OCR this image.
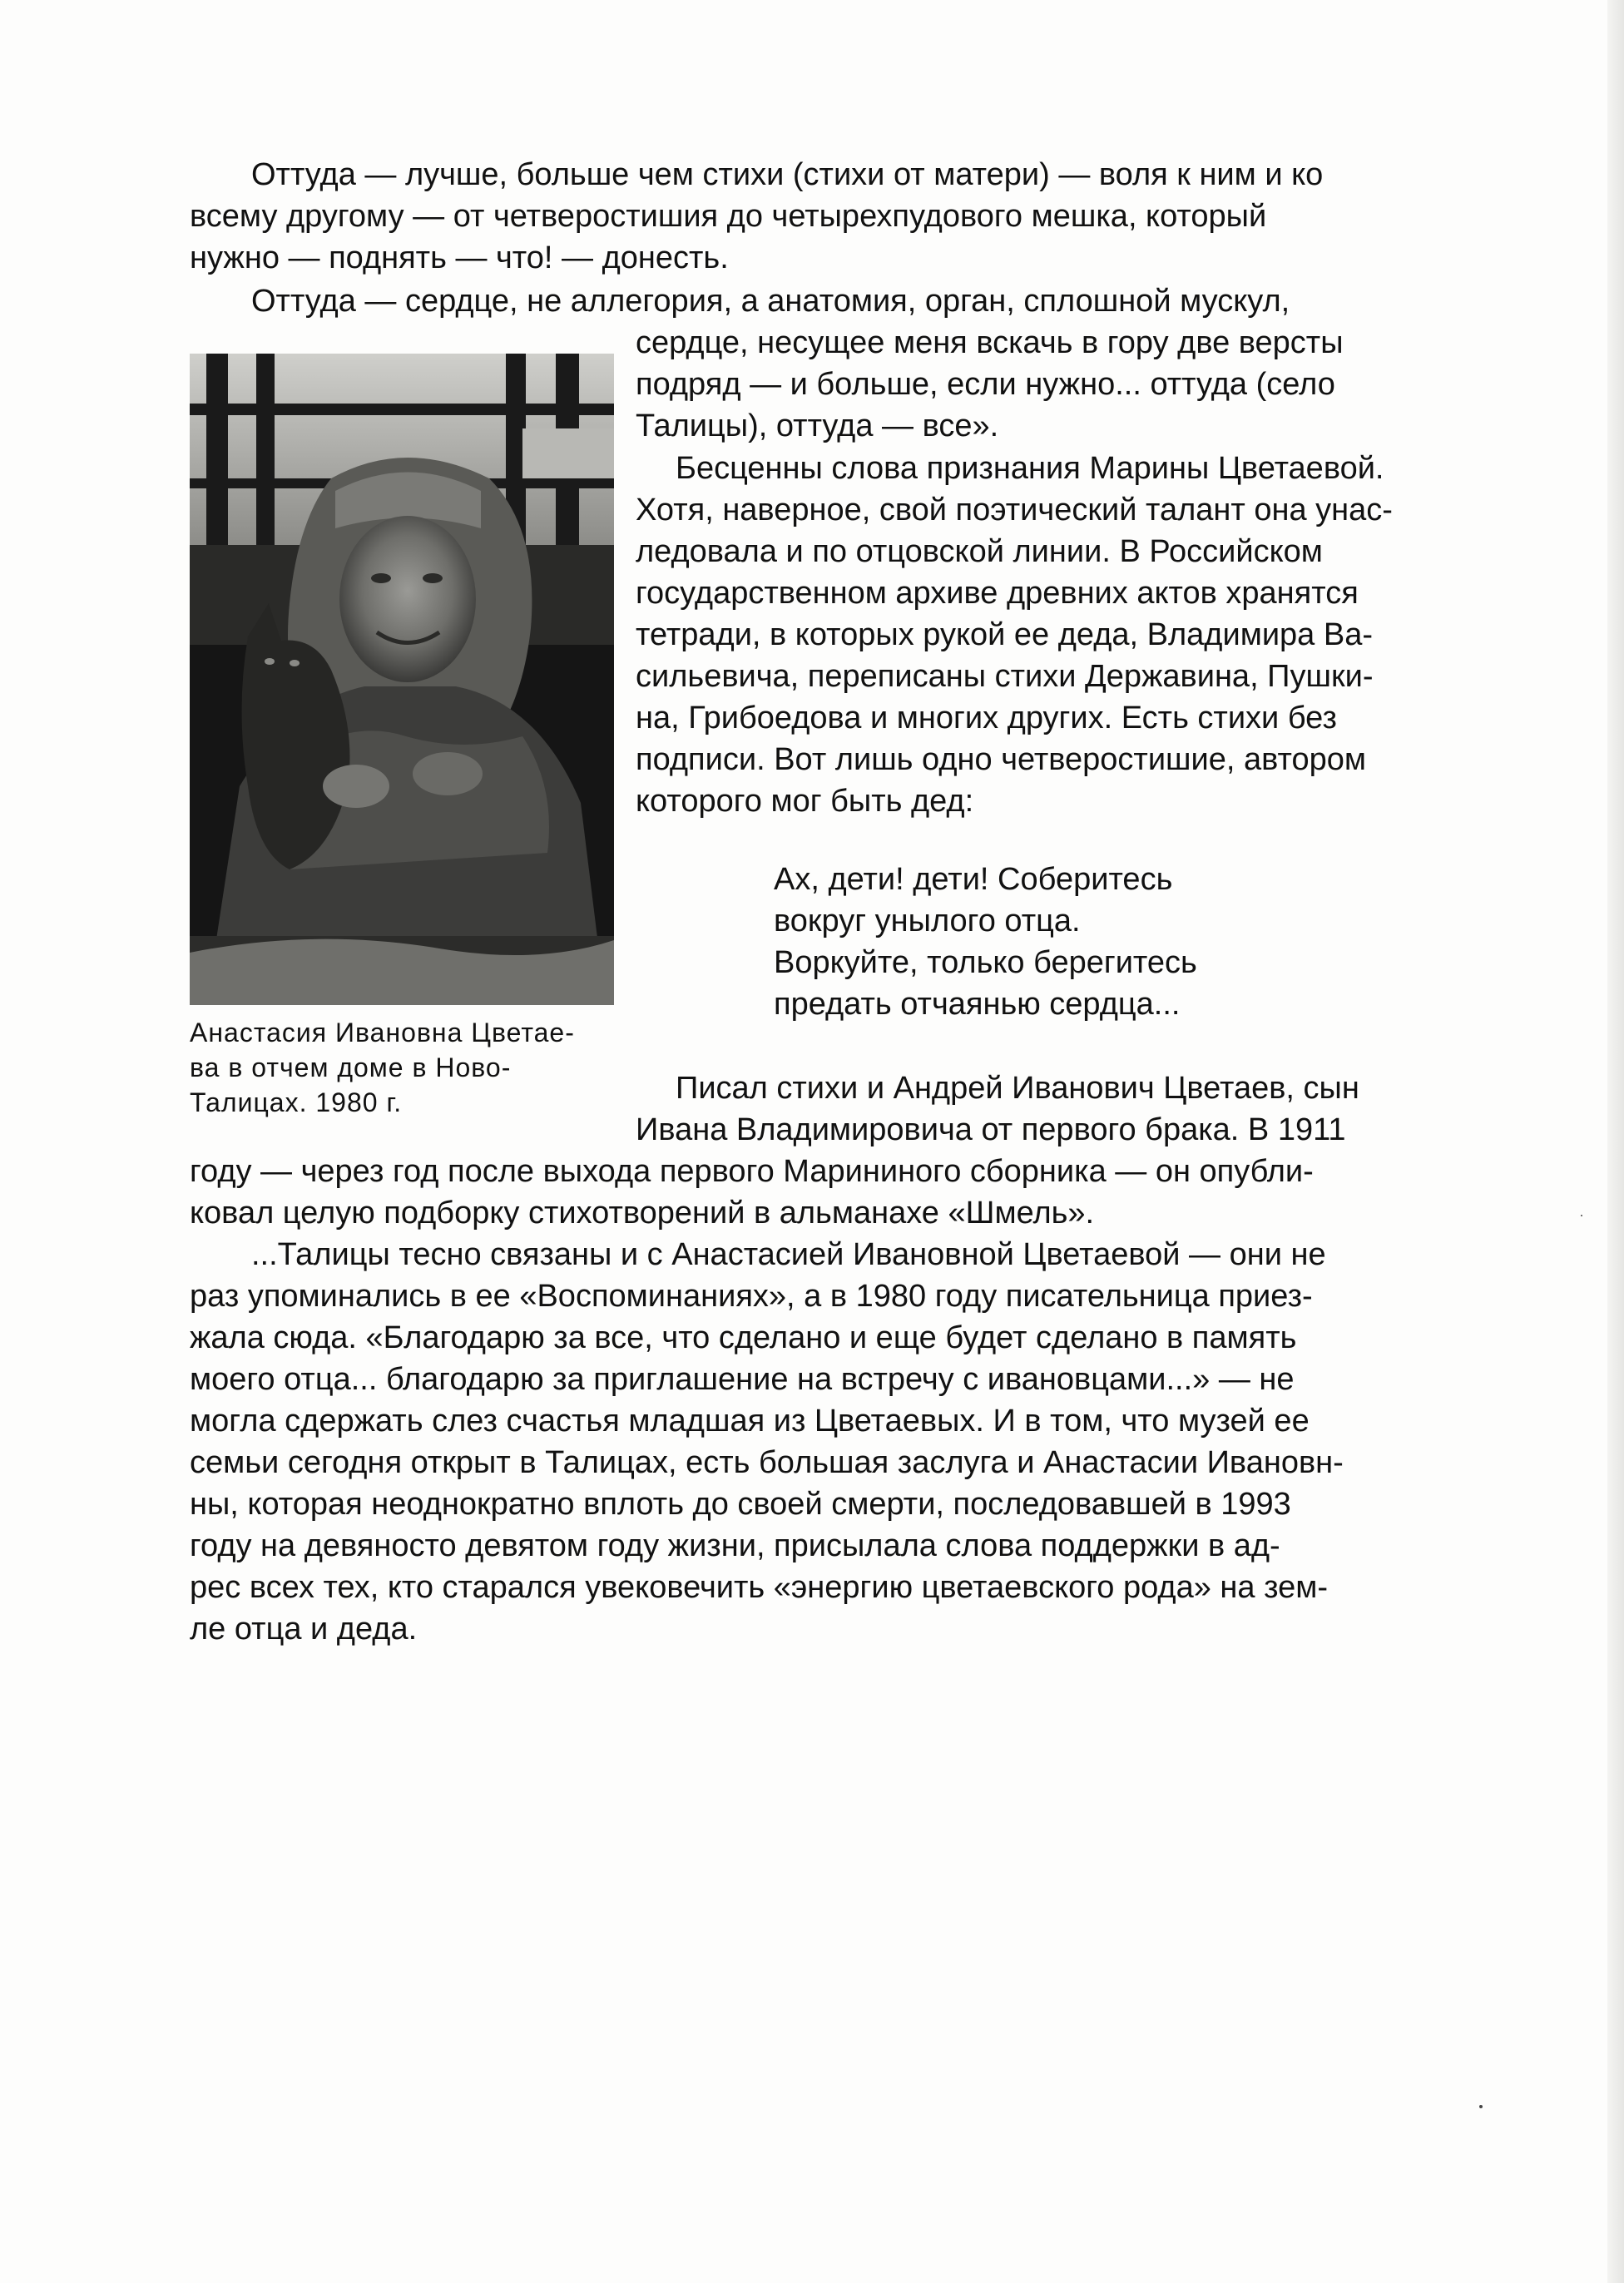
Оттуда — лучше, больше чем стихи (стихи от матери) — воля к ним и ко
всему другому — от четверостишия до четырехпудового мешка, который
нужно — поднять — что! — донесть.
Оттуда — сердце, не аллегория, а анатомия, орган, сплошной мускул,
сердце, несущее меня вскачь в гору две версты
подряд — и больше, если нужно... оттуда (село
Талицы), оттуда — все».
Анастасия Ивановна Цветае-
ва в отчем доме в Ново-
Талицах. 1980 г.
Бесценны слова признания Марины Цветаевой.
Хотя, наверное, свой поэтический талант она унас-
ледовала и по отцовской линии. В Российском
государственном архиве древних актов хранятся
тетради, в которых рукой ее деда, Владимира Ва-
сильевича, переписаны стихи Державина, Пушки-
на, Грибоедова и многих других. Есть стихи без
подписи. Вот лишь одно четверостишие, автором
которого мог быть дед:
Ах, дети! дети! Соберитесь
вокруг унылого отца.
Воркуйте, только берегитесь
предать отчаянью сердца...
Писал стихи и Андрей Иванович Цветаев, сын
Ивана Владимировича от первого брака. В 1911
году — через год после выхода первого Марининого сборника — он опубли-
ковал целую подборку стихотворений в альманахе «Шмель».
...Талицы тесно связаны и с Анастасией Ивановной Цветаевой — они не
раз упоминались в ее «Воспоминаниях», а в 1980 году писательница приез-
жала сюда. «Благодарю за все, что сделано и еще будет сделано в память
моего отца... благодарю за приглашение на встречу с ивановцами...» — не
могла сдержать слез счастья младшая из Цветаевых. И в том, что музей ее
семьи сегодня открыт в Талицах, есть большая заслуга и Анастасии Ивановн-
ны, которая неоднократно вплоть до своей смерти, последовавшей в 1993
году на девяносто девятом году жизни, присылала слова поддержки в ад-
рес всех тех, кто старался увековечить «энергию цветаевского рода» на зем-
ле отца и деда.
